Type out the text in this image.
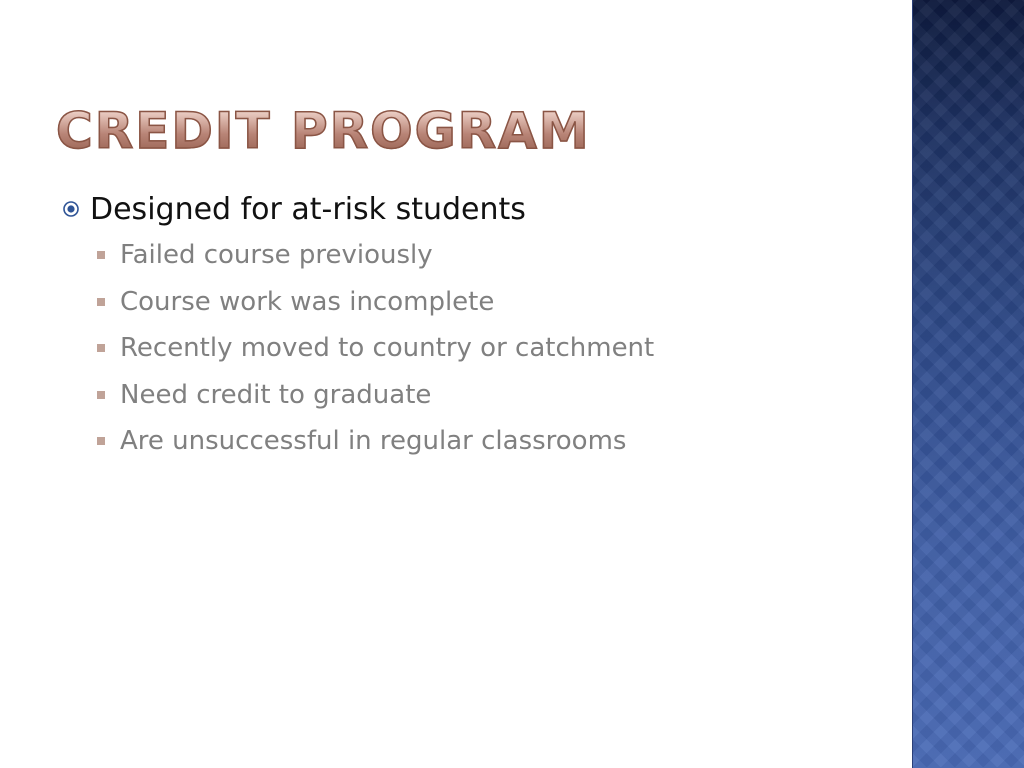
CREDIT PROGRAM
Designed for at-risk students
Failed course previously
Course work was incomplete
Recently moved to country or catchment
Need credit to graduate
Are unsuccessful in regular classrooms
